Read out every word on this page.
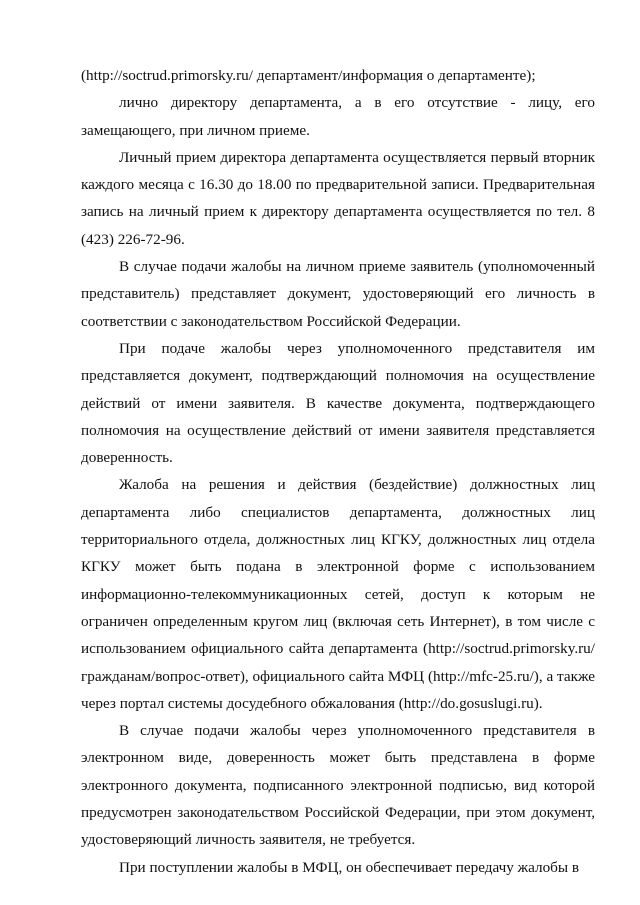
(http://soctrud.primorsky.ru/ департамент/информация о департаменте);

лично директору департамента, а в его отсутствие - лицу, его замещающего, при личном приеме.

Личный прием директора департамента осуществляется первый вторник каждого месяца с 16.30 до 18.00 по предварительной записи. Предварительная запись на личный прием к директору департамента осуществляется по тел. 8 (423) 226-72-96.

В случае подачи жалобы на личном приеме заявитель (уполномоченный представитель) представляет документ, удостоверяющий его личность в соответствии с законодательством Российской Федерации.

При подаче жалобы через уполномоченного представителя им представляется документ, подтверждающий полномочия на осуществление действий от имени заявителя. В качестве документа, подтверждающего полномочия на осуществление действий от имени заявителя представляется доверенность.

Жалоба на решения и действия (бездействие) должностных лиц департамента либо специалистов департамента, должностных лиц территориального отдела, должностных лиц КГКУ, должностных лиц отдела КГКУ может быть подана в электронной форме с использованием информационно-телекоммуникационных сетей, доступ к которым не ограничен определенным кругом лиц (включая сеть Интернет), в том числе с использованием официального сайта департамента (http://soctrud.primorsky.ru/ гражданам/вопрос-ответ), официального сайта МФЦ (http://mfc-25.ru/), а также через портал системы досудебного обжалования (http://do.gosuslugi.ru).

В случае подачи жалобы через уполномоченного представителя в электронном виде, доверенность может быть представлена в форме электронного документа, подписанного электронной подписью, вид которой предусмотрен законодательством Российской Федерации, при этом документ, удостоверяющий личность заявителя, не требуется.

При поступлении жалобы в МФЦ, он обеспечивает передачу жалобы в
